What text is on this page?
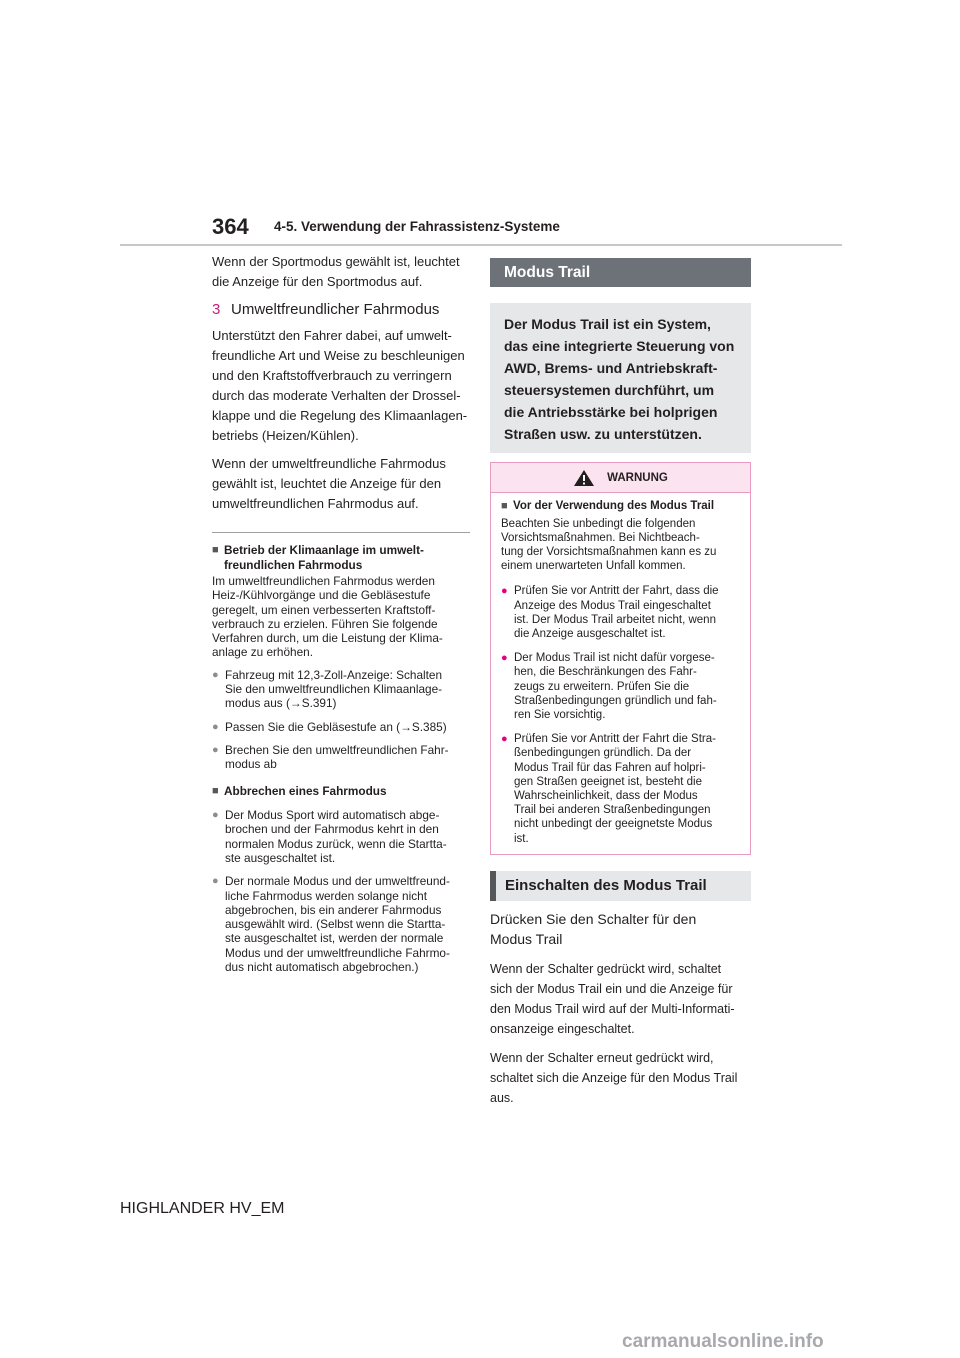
364 4-5. Verwendung der Fahrassistenz-Systeme
Wenn der Sportmodus gewählt ist, leuchtet
die Anzeige für den Sportmodus auf.
3 Umweltfreundlicher Fahrmodus
Unterstützt den Fahrer dabei, auf umwelt-
freundliche Art und Weise zu beschleunigen
und den Kraftstoffverbrauch zu verringern
durch das moderate Verhalten der Drossel-
klappe und die Regelung des Klimaanlagen-
betriebs (Heizen/Kühlen).
Wenn der umweltfreundliche Fahrmodus
gewählt ist, leuchtet die Anzeige für den
umweltfreundlichen Fahrmodus auf.
■ Betrieb der Klimaanlage im umwelt-
freundlichen Fahrmodus
Im umweltfreundlichen Fahrmodus werden
Heiz-/Kühlvorgänge und die Gebläsestufe
geregelt, um einen verbesserten Kraftstoff-
verbrauch zu erzielen. Führen Sie folgende
Verfahren durch, um die Leistung der Klima-
anlage zu erhöhen.
● Fahrzeug mit 12,3-Zoll-Anzeige: Schalten
Sie den umweltfreundlichen Klimaanlage-
modus aus (→S.391)
● Passen Sie die Gebläsestufe an (→S.385)
● Brechen Sie den umweltfreundlichen Fahr-
modus ab
■ Abbrechen eines Fahrmodus
● Der Modus Sport wird automatisch abge-
brochen und der Fahrmodus kehrt in den
normalen Modus zurück, wenn die Startta-
ste ausgeschaltet ist.
● Der normale Modus und der umweltfreund-
liche Fahrmodus werden solange nicht
abgebrochen, bis ein anderer Fahrmodus
ausgewählt wird. (Selbst wenn die Startta-
ste ausgeschaltet ist, werden der normale
Modus und der umweltfreundliche Fahrmo-
dus nicht automatisch abgebrochen.)
Modus Trail
Der Modus Trail ist ein System,
das eine integrierte Steuerung von
AWD, Brems- und Antriebskraft-
steuersystemen durchführt, um
die Antriebsstärke bei holprigen
Straßen usw. zu unterstützen.
WARNUNG
■ Vor der Verwendung des Modus Trail
Beachten Sie unbedingt die folgenden
Vorsichtsmaßnahmen. Bei Nichtbeach-
tung der Vorsichtsmaßnahmen kann es zu
einem unerwarteten Unfall kommen.
● Prüfen Sie vor Antritt der Fahrt, dass die
Anzeige des Modus Trail eingeschaltet
ist. Der Modus Trail arbeitet nicht, wenn
die Anzeige ausgeschaltet ist.
● Der Modus Trail ist nicht dafür vorgese-
hen, die Beschränkungen des Fahr-
zeugs zu erweitern. Prüfen Sie die
Straßenbedingungen gründlich und fah-
ren Sie vorsichtig.
● Prüfen Sie vor Antritt der Fahrt die Stra-
ßenbedingungen gründlich. Da der
Modus Trail für das Fahren auf holpri-
gen Straßen geeignet ist, besteht die
Wahrscheinlichkeit, dass der Modus
Trail bei anderen Straßenbedingungen
nicht unbedingt der geeignetste Modus
ist.
Einschalten des Modus Trail
Drücken Sie den Schalter für den
Modus Trail
Wenn der Schalter gedrückt wird, schaltet
sich der Modus Trail ein und die Anzeige für
den Modus Trail wird auf der Multi-Informati-
onsanzeige eingeschaltet.
Wenn der Schalter erneut gedrückt wird,
schaltet sich die Anzeige für den Modus Trail
aus.
HIGHLANDER HV_EM
carmanualsonline.info
